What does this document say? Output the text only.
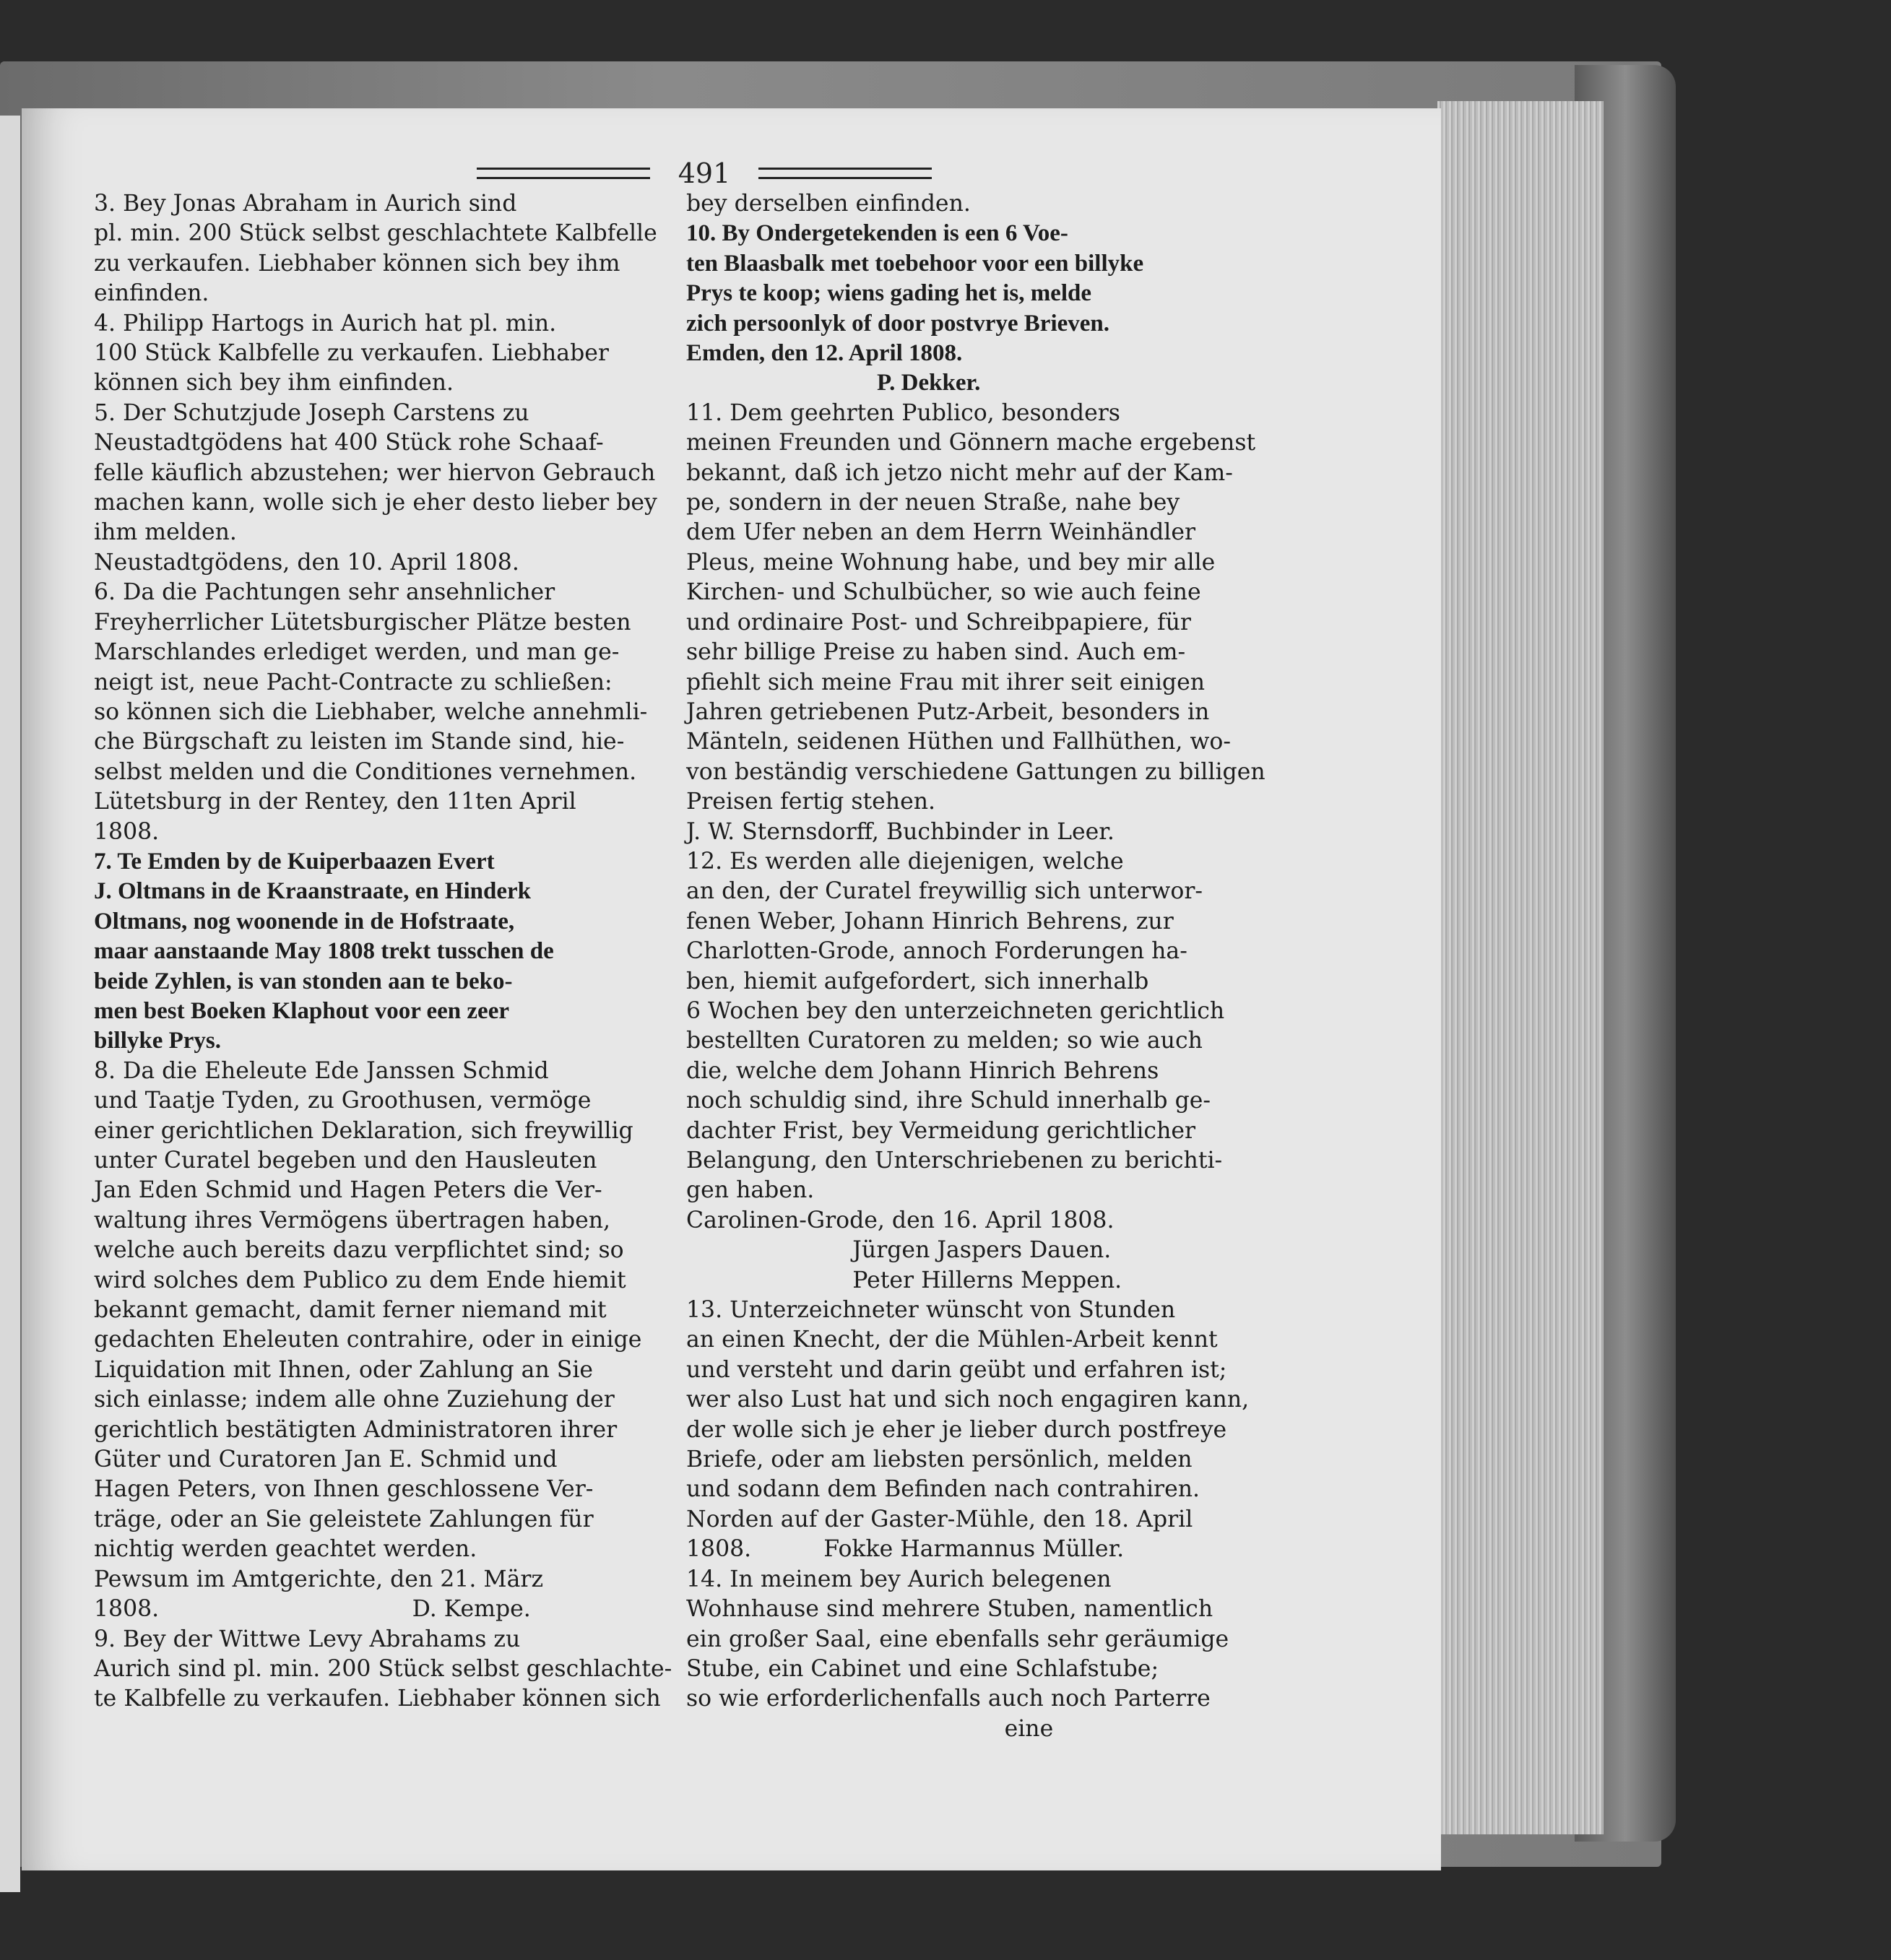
491

3. Bey Jonas Abraham in Aurich sind

pl. min. 200 Stück selbst geschlachtete Kalbfelle

zu verkaufen. Liebhaber können sich bey ihm

einfinden.

4. Philipp Hartogs in Aurich hat pl. min.

100 Stück Kalbfelle zu verkaufen. Liebhaber

können sich bey ihm einfinden.

5. Der Schutzjude Joseph Carstens zu

Neustadtgödens hat 400 Stück rohe Schaaf-

felle käuflich abzustehen; wer hiervon Gebrauch

machen kann, wolle sich je eher desto lieber bey

ihm melden.

Neustadtgödens, den 10. April 1808.

6. Da die Pachtungen sehr ansehnlicher

Freyherrlicher Lütetsburgischer Plätze besten

Marschlandes erlediget werden, und man ge-

neigt ist, neue Pacht-Contracte zu schließen:

so können sich die Liebhaber, welche annehmli-

che Bürgschaft zu leisten im Stande sind, hie-

selbst melden und die Conditiones vernehmen.

Lütetsburg in der Rentey, den 11ten April

1808.

7. Te Emden by de Kuiperbaazen Evert

J. Oltmans in de Kraanstraate, en Hinderk

Oltmans, nog woonende in de Hofstraate,

maar aanstaande May 1808 trekt tusschen de

beide Zyhlen, is van stonden aan te beko-

men best Boeken Klaphout voor een zeer

billyke Prys.

8. Da die Eheleute Ede Janssen Schmid

und Taatje Tyden, zu Groothusen, vermöge

einer gerichtlichen Deklaration, sich freywillig

unter Curatel begeben und den Hausleuten

Jan Eden Schmid und Hagen Peters die Ver-

waltung ihres Vermögens übertragen haben,

welche auch bereits dazu verpflichtet sind; so

wird solches dem Publico zu dem Ende hiemit

bekannt gemacht, damit ferner niemand mit

gedachten Eheleuten contrahire, oder in einige

Liquidation mit Ihnen, oder Zahlung an Sie

sich einlasse; indem alle ohne Zuziehung der

gerichtlich bestätigten Administratoren ihrer

Güter und Curatoren Jan E. Schmid und

Hagen Peters, von Ihnen geschlossene Ver-

träge, oder an Sie geleistete Zahlungen für

nichtig werden geachtet werden.

Pewsum im Amtgerichte, den 21. März

1808.                                   D. Kempe.

9. Bey der Wittwe Levy Abrahams zu

Aurich sind pl. min. 200 Stück selbst geschlachte-

te Kalbfelle zu verkaufen. Liebhaber können sich

bey derselben einfinden.

10. By Ondergetekenden is een 6 Voe-

ten Blaasbalk met toebehoor voor een billyke

Prys te koop; wiens gading het is, melde

zich persoonlyk of door postvrye Brieven.

Emden, den 12. April 1808.

P. Dekker.

11. Dem geehrten Publico, besonders

meinen Freunden und Gönnern mache ergebenst

bekannt, daß ich jetzo nicht mehr auf der Kam-

pe, sondern in der neuen Straße, nahe bey

dem Ufer neben an dem Herrn Weinhändler

Pleus, meine Wohnung habe, und bey mir alle

Kirchen- und Schulbücher, so wie auch feine

und ordinaire Post- und Schreibpapiere, für

sehr billige Preise zu haben sind. Auch em-

pfiehlt sich meine Frau mit ihrer seit einigen

Jahren getriebenen Putz-Arbeit, besonders in

Mänteln, seidenen Hüthen und Fallhüthen, wo-

von beständig verschiedene Gattungen zu billigen

Preisen fertig stehen.

J. W. Sternsdorff, Buchbinder in Leer.

12. Es werden alle diejenigen, welche

an den, der Curatel freywillig sich unterwor-

fenen Weber, Johann Hinrich Behrens, zur

Charlotten-Grode, annoch Forderungen ha-

ben, hiemit aufgefordert, sich innerhalb

6 Wochen bey den unterzeichneten gerichtlich

bestellten Curatoren zu melden; so wie auch

die, welche dem Johann Hinrich Behrens

noch schuldig sind, ihre Schuld innerhalb ge-

dachter Frist, bey Vermeidung gerichtlicher

Belangung, den Unterschriebenen zu berichti-

gen haben.

Carolinen-Grode, den 16. April 1808.

Jürgen Jaspers Dauen.

Peter Hillerns Meppen.

13. Unterzeichneter wünscht von Stunden

an einen Knecht, der die Mühlen-Arbeit kennt

und versteht und darin geübt und erfahren ist;

wer also Lust hat und sich noch engagiren kann,

der wolle sich je eher je lieber durch postfreye

Briefe, oder am liebsten persönlich, melden

und sodann dem Befinden nach contrahiren.

Norden auf der Gaster-Mühle, den 18. April

1808.          Fokke Harmannus Müller.

14. In meinem bey Aurich belegenen

Wohnhause sind mehrere Stuben, namentlich

ein großer Saal, eine ebenfalls sehr geräumige

Stube, ein Cabinet und eine Schlafstube;

so wie erforderlichenfalls auch noch Parterre

eine
